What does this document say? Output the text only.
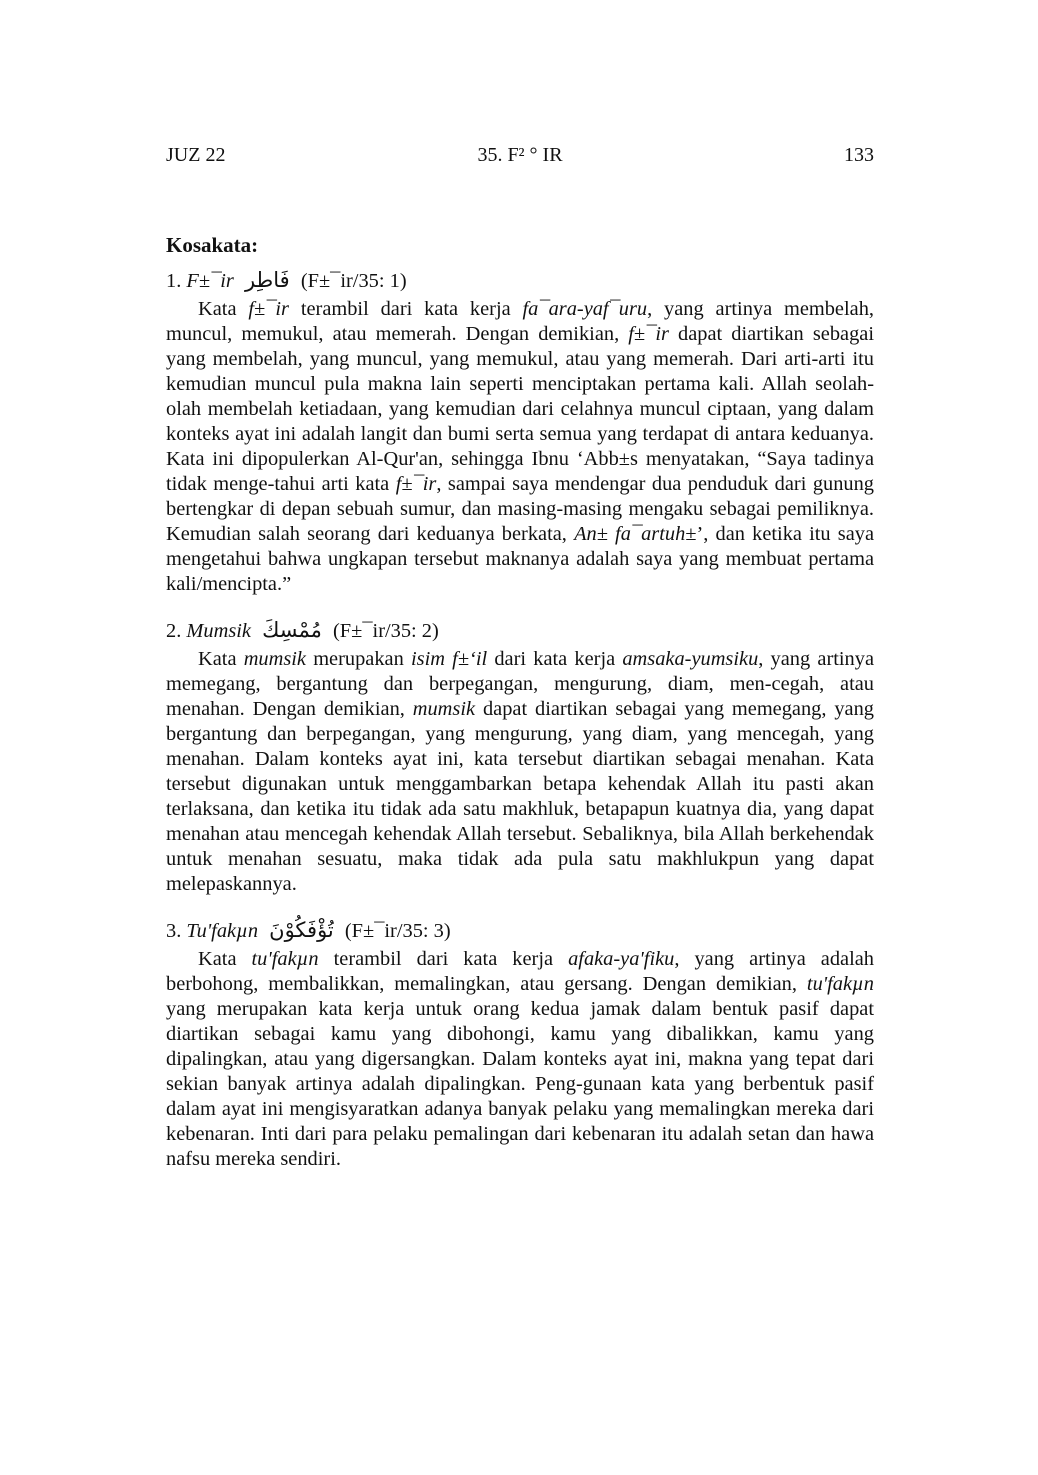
JUZ 22	35. F² ° IR	133
Kosakata:
1. F±¯ir فَاطِر (F±¯ir/35: 1)

Kata f±¯ir terambil dari kata kerja fa¯ara-yaf¯uru, yang artinya membelah, muncul, memukul, atau memerah. Dengan demikian, f±¯ir dapat diartikan sebagai yang membelah, yang muncul, yang memukul, atau yang memerah. Dari arti-arti itu kemudian muncul pula makna lain seperti menciptakan pertama kali. Allah seolah-olah membelah ketiadaan, yang kemudian dari celahnya muncul ciptaan, yang dalam konteks ayat ini adalah langit dan bumi serta semua yang terdapat di antara keduanya. Kata ini dipopulerkan Al-Qur'an, sehingga Ibnu ‘Abb±s menyatakan, “Saya tadinya tidak menge-tahui arti kata f±¯ir, sampai saya mendengar dua penduduk dari gunung bertengkar di depan sebuah sumur, dan masing-masing mengaku sebagai pemiliknya. Kemudian salah seorang dari keduanya berkata, An± fa¯artuh±’, dan ketika itu saya mengetahui bahwa ungkapan tersebut maknanya adalah saya yang membuat pertama kali/mencipta.”

2. Mumsik مُمْسِكَ (F±¯ir/35: 2)

Kata mumsik merupakan isim f±‘il dari kata kerja amsaka-yumsiku, yang artinya memegang, bergantung dan berpegangan, mengurung, diam, men-cegah, atau menahan. Dengan demikian, mumsik dapat diartikan sebagai yang memegang, yang bergantung dan berpegangan, yang mengurung, yang diam, yang mencegah, yang menahan. Dalam konteks ayat ini, kata tersebut diartikan sebagai menahan. Kata tersebut digunakan untuk menggambarkan betapa kehendak Allah itu pasti akan terlaksana, dan ketika itu tidak ada satu makhluk, betapapun kuatnya dia, yang dapat menahan atau mencegah kehendak Allah tersebut. Sebaliknya, bila Allah berkehendak untuk menahan sesuatu, maka tidak ada pula satu makhlukpun yang dapat melepaskannya.

3. Tu'fakµn تُؤْفَكُوْنَ (F±¯ir/35: 3)

Kata tu'fakµn terambil dari kata kerja afaka-ya'fiku, yang artinya adalah berbohong, membalikkan, memalingkan, atau gersang. Dengan demikian, tu'fakµn yang merupakan kata kerja untuk orang kedua jamak dalam bentuk pasif dapat diartikan sebagai kamu yang dibohongi, kamu yang dibalikkan, kamu yang dipalingkan, atau yang digersangkan. Dalam konteks ayat ini, makna yang tepat dari sekian banyak artinya adalah dipalingkan. Peng-gunaan kata yang berbentuk pasif dalam ayat ini mengisyaratkan adanya banyak pelaku yang memalingkan mereka dari kebenaran. Inti dari para pelaku pemalingan dari kebenaran itu adalah setan dan hawa nafsu mereka sendiri.
